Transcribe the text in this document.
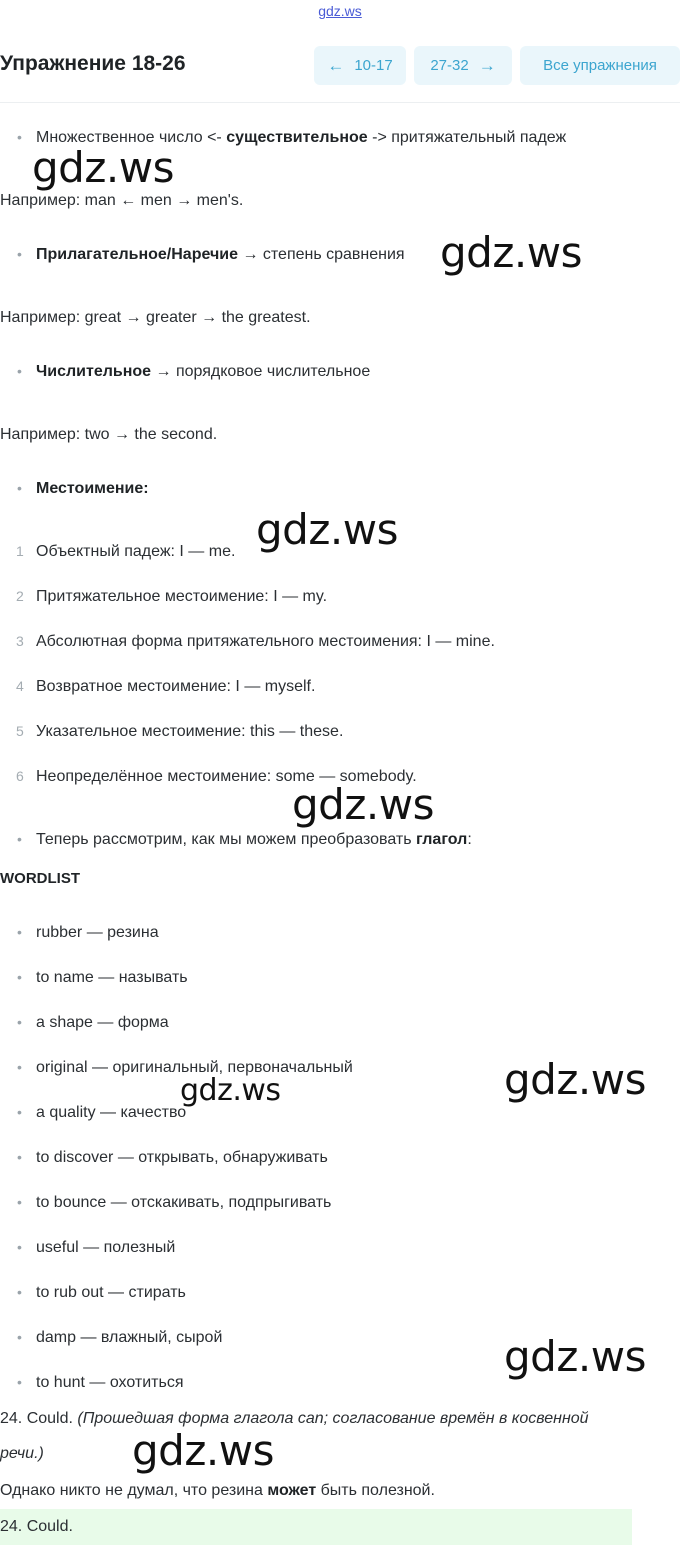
gdz.ws
Упражнение 18-26	← 10-17	27-32 →	Все упражнения
• Множественное число <- существительное -> притяжательный падеж
Например: man ← men → men's.
• Прилагательное/Наречие → степень сравнения
Например: great → greater → the greatest.
• Числительное → порядковое числительное
Например: two → the second.
• Местоимение:
1 Объектный падеж: I — me.
2 Притяжательное местоимение: I — my.
3 Абсолютная форма притяжательного местоимения: I — mine.
4 Возвратное местоимение: I — myself.
5 Указательное местоимение: this — these.
6 Неопределённое местоимение: some — somebody.
• Теперь рассмотрим, как мы можем преобразовать глагол:
WORDLIST
• rubber — резина
• to name — называть
• a shape — форма
• original — оригинальный, первоначальный
• a quality — качество
• to discover — открывать, обнаруживать
• to bounce — отскакивать, подпрыгивать
• useful — полезный
• to rub out — стирать
• damp — влажный, сырой
• to hunt — охотиться
24. Could. (Прошедшая форма глагола can; согласование времён в косвенной
речи.)
Однако никто не думал, что резина может быть полезной.
24. Could.
gdz.ws
gdz.ws
gdz.ws
gdz.ws
gdz.ws
gdz.ws
gdz.ws
gdz.ws
